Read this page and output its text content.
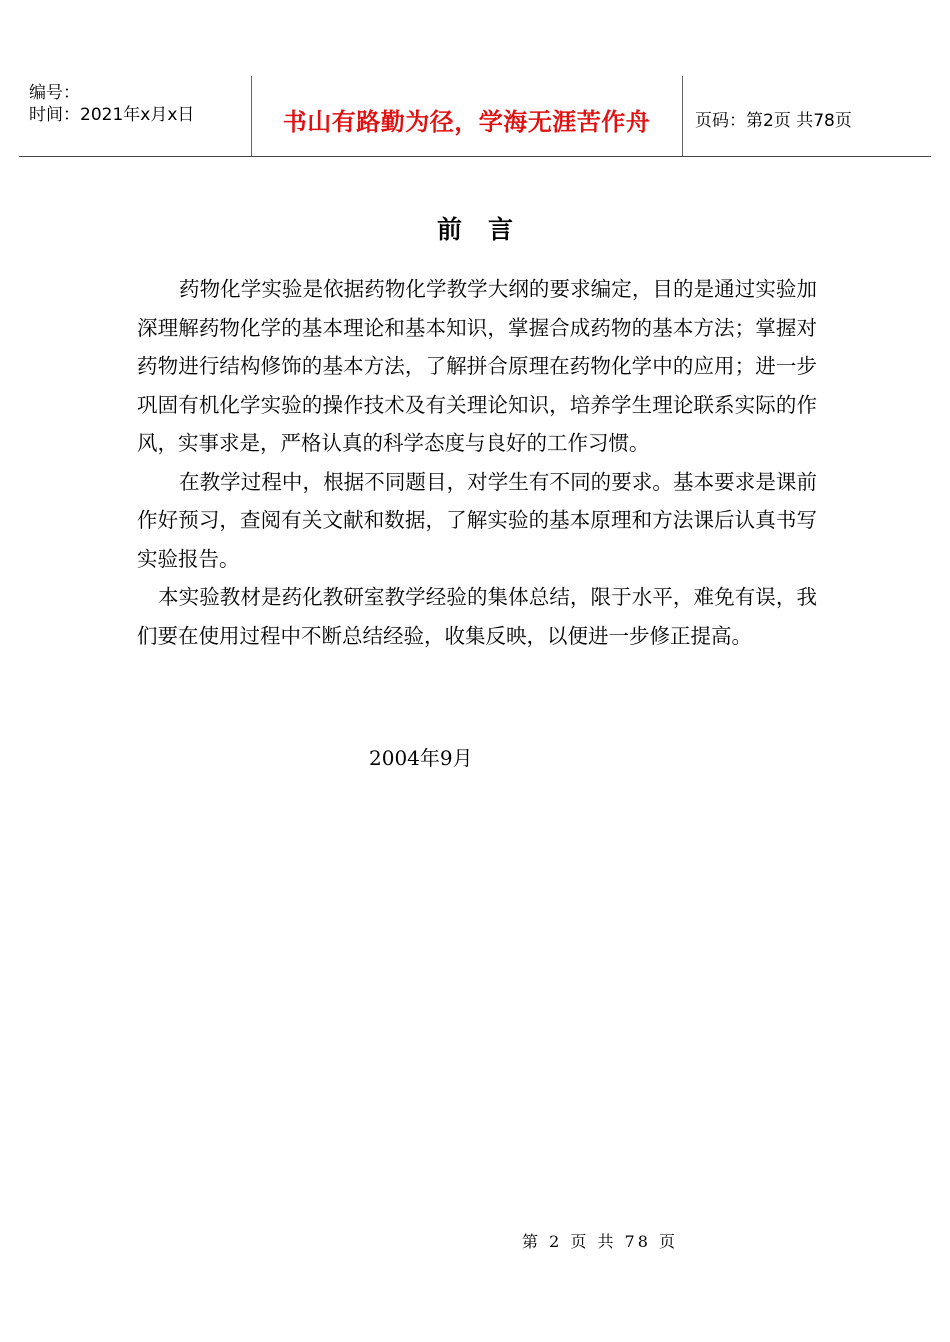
编号：
时间：2021年x月x日	书山有路勤为径，学海无涯苦作舟	页码：第2页 共78页
前言

药物化学实验是依据药物化学教学大纲的要求编定，目的是通过实验加深理解药物化学的基本理论和基本知识，掌握合成药物的基本方法；掌握对药物进行结构修饰的基本方法，了解拼合原理在药物化学中的应用；进一步巩固有机化学实验的操作技术及有关理论知识，培养学生理论联系实际的作风，实事求是，严格认真的科学态度与良好的工作习惯。

在教学过程中，根据不同题目，对学生有不同的要求。基本要求是课前作好预习，查阅有关文献和数据，了解实验的基本原理和方法课后认真书写实验报告。

本实验教材是药化教研室教学经验的集体总结，限于水平，难免有误，我们要在使用过程中不断总结经验，收集反映，以便进一步修正提高。

2004年9月
第 2 页 共 78 页
